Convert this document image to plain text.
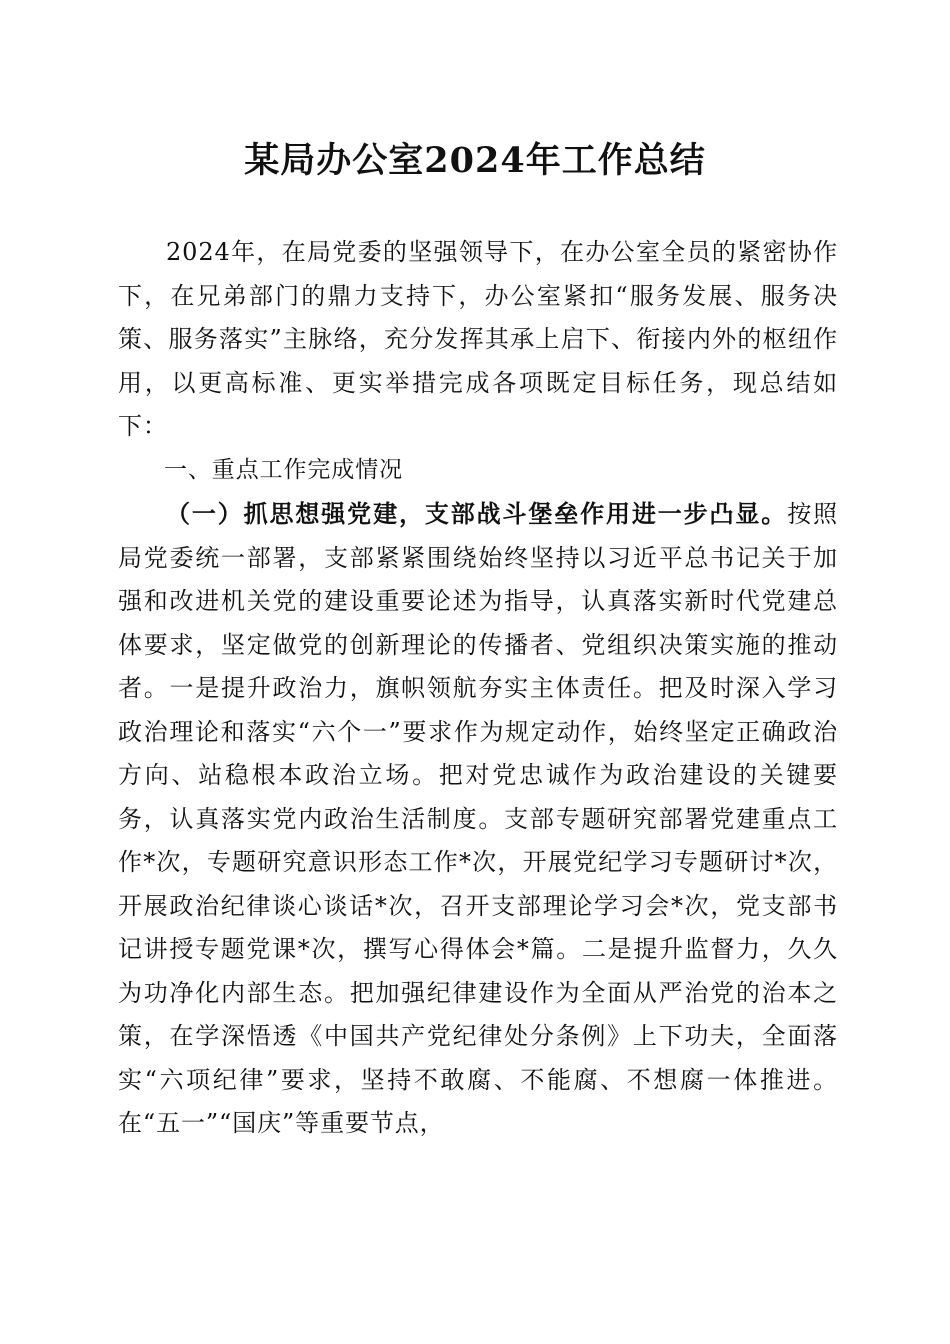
某局办公室2024年工作总结

2024年，在局党委的坚强领导下，在办公室全员的紧密协作下，在兄弟部门的鼎力支持下，办公室紧扣“服务发展、服务决策、服务落实”主脉络，充分发挥其承上启下、衔接内外的枢纽作用，以更高标准、更实举措完成各项既定目标任务，现总结如下：

一、重点工作完成情况

（一）抓思想强党建，支部战斗堡垒作用进一步凸显。按照局党委统一部署，支部紧紧围绕始终坚持以习近平总书记关于加强和改进机关党的建设重要论述为指导，认真落实新时代党建总体要求，坚定做党的创新理论的传播者、党组织决策实施的推动者。一是提升政治力，旗帜领航夯实主体责任。把及时深入学习政治理论和落实“六个一”要求作为规定动作，始终坚定正确政治方向、站稳根本政治立场。把对党忠诚作为政治建设的关键要务，认真落实党内政治生活制度。支部专题研究部署党建重点工作*次，专题研究意识形态工作*次，开展党纪学习专题研讨*次，开展政治纪律谈心谈话*次，召开支部理论学习会*次，党支部书记讲授专题党课*次，撰写心得体会*篇。二是提升监督力，久久为功净化内部生态。把加强纪律建设作为全面从严治党的治本之策，在学深悟透《中国共产党纪律处分条例》上下功夫，全面落实“六项纪律”要求，坚持不敢腐、不能腐、不想腐一体推进。在“五一”“国庆”等重要节点，
